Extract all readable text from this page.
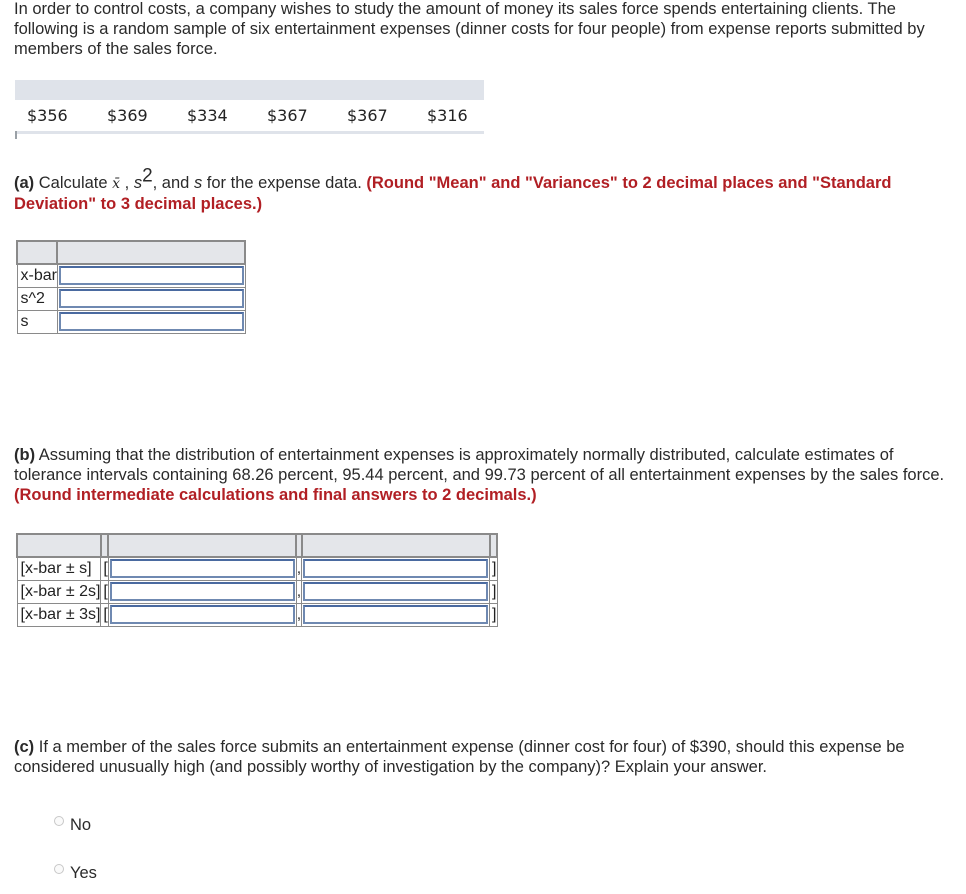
In order to control costs, a company wishes to study the amount of money its sales force spends entertaining clients. The following is a random sample of six entertainment expenses (dinner costs for four people) from expense reports submitted by members of the sales force.

$356	$369	$334	$367	$367	$316

(a) Calculate x̄ , $s^2$, and s for the expense data. (Round "Mean" and "Variances" to 2 decimal places and "Standard Deviation" to 3 decimal places.)

x-bar	

s^2	

s	

(b) Assuming that the distribution of entertainment expenses is approximately normally distributed, calculate estimates of tolerance intervals containing 68.26 percent, 95.44 percent, and 99.73 percent of all entertainment expenses by the sales force. (Round intermediate calculations and final answers to 2 decimals.)

[x-bar ± s]	[		,		]
[x-bar ± 2s]	[		,		]
[x-bar ± 3s]	[		,		]

(c) If a member of the sales force submits an entertainment expense (dinner cost for four) of $390, should this expense be considered unusually high (and possibly worthy of investigation by the company)? Explain your answer.

No
Yes
